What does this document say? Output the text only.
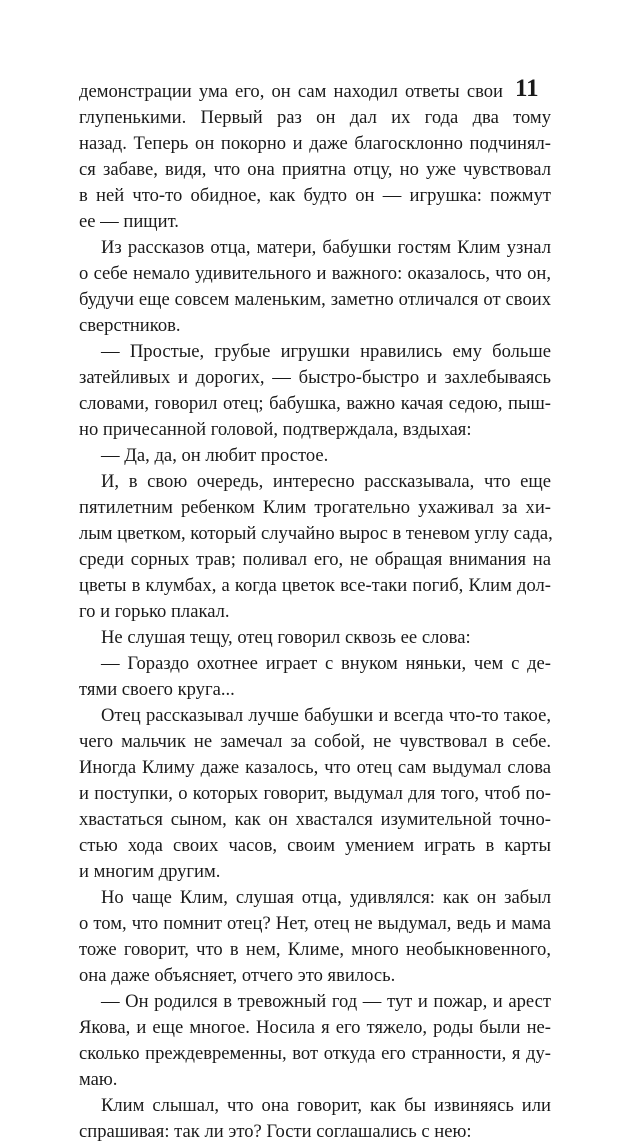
11
демонстрации ума его, он сам находил ответы свои
глупенькими. Первый раз он дал их года два тому
назад. Теперь он покорно и даже благосклонно подчинял-
ся забаве, видя, что она приятна отцу, но уже чувствовал
в ней что-то обидное, как будто он — игрушка: пожмут
ее — пищит.
Из рассказов отца, матери, бабушки гостям Клим узнал
о себе немало удивительного и важного: оказалось, что он,
будучи еще совсем маленьким, заметно отличался от своих
сверстников.
— Простые, грубые игрушки нравились ему больше
затейливых и дорогих, — быстро-быстро и захлебываясь
словами, говорил отец; бабушка, важно качая седою, пыш-
но причесанной головой, подтверждала, вздыхая:
— Да, да, он любит простое.
И, в свою очередь, интересно рассказывала, что еще
пятилетним ребенком Клим трогательно ухаживал за хи-
лым цветком, который случайно вырос в теневом углу сада,
среди сорных трав; поливал его, не обращая внимания на
цветы в клумбах, а когда цветок все-таки погиб, Клим дол-
го и горько плакал.
Не слушая тещу, отец говорил сквозь ее слова:
— Гораздо охотнее играет с внуком няньки, чем с де-
тями своего круга...
Отец рассказывал лучше бабушки и всегда что-то такое,
чего мальчик не замечал за собой, не чувствовал в себе.
Иногда Климу даже казалось, что отец сам выдумал слова
и поступки, о которых говорит, выдумал для того, чтоб по-
хвастаться сыном, как он хвастался изумительной точно-
стью хода своих часов, своим умением играть в карты
и многим другим.
Но чаще Клим, слушая отца, удивлялся: как он забыл
о том, что помнит отец? Нет, отец не выдумал, ведь и мама
тоже говорит, что в нем, Климе, много необыкновенного,
она даже объясняет, отчего это явилось.
— Он родился в тревожный год — тут и пожар, и арест
Якова, и еще многое. Носила я его тяжело, роды были не-
сколько преждевременны, вот откуда его странности, я ду-
маю.
Клим слышал, что она говорит, как бы извиняясь или
спрашивая: так ли это? Гости соглашались с нею:
